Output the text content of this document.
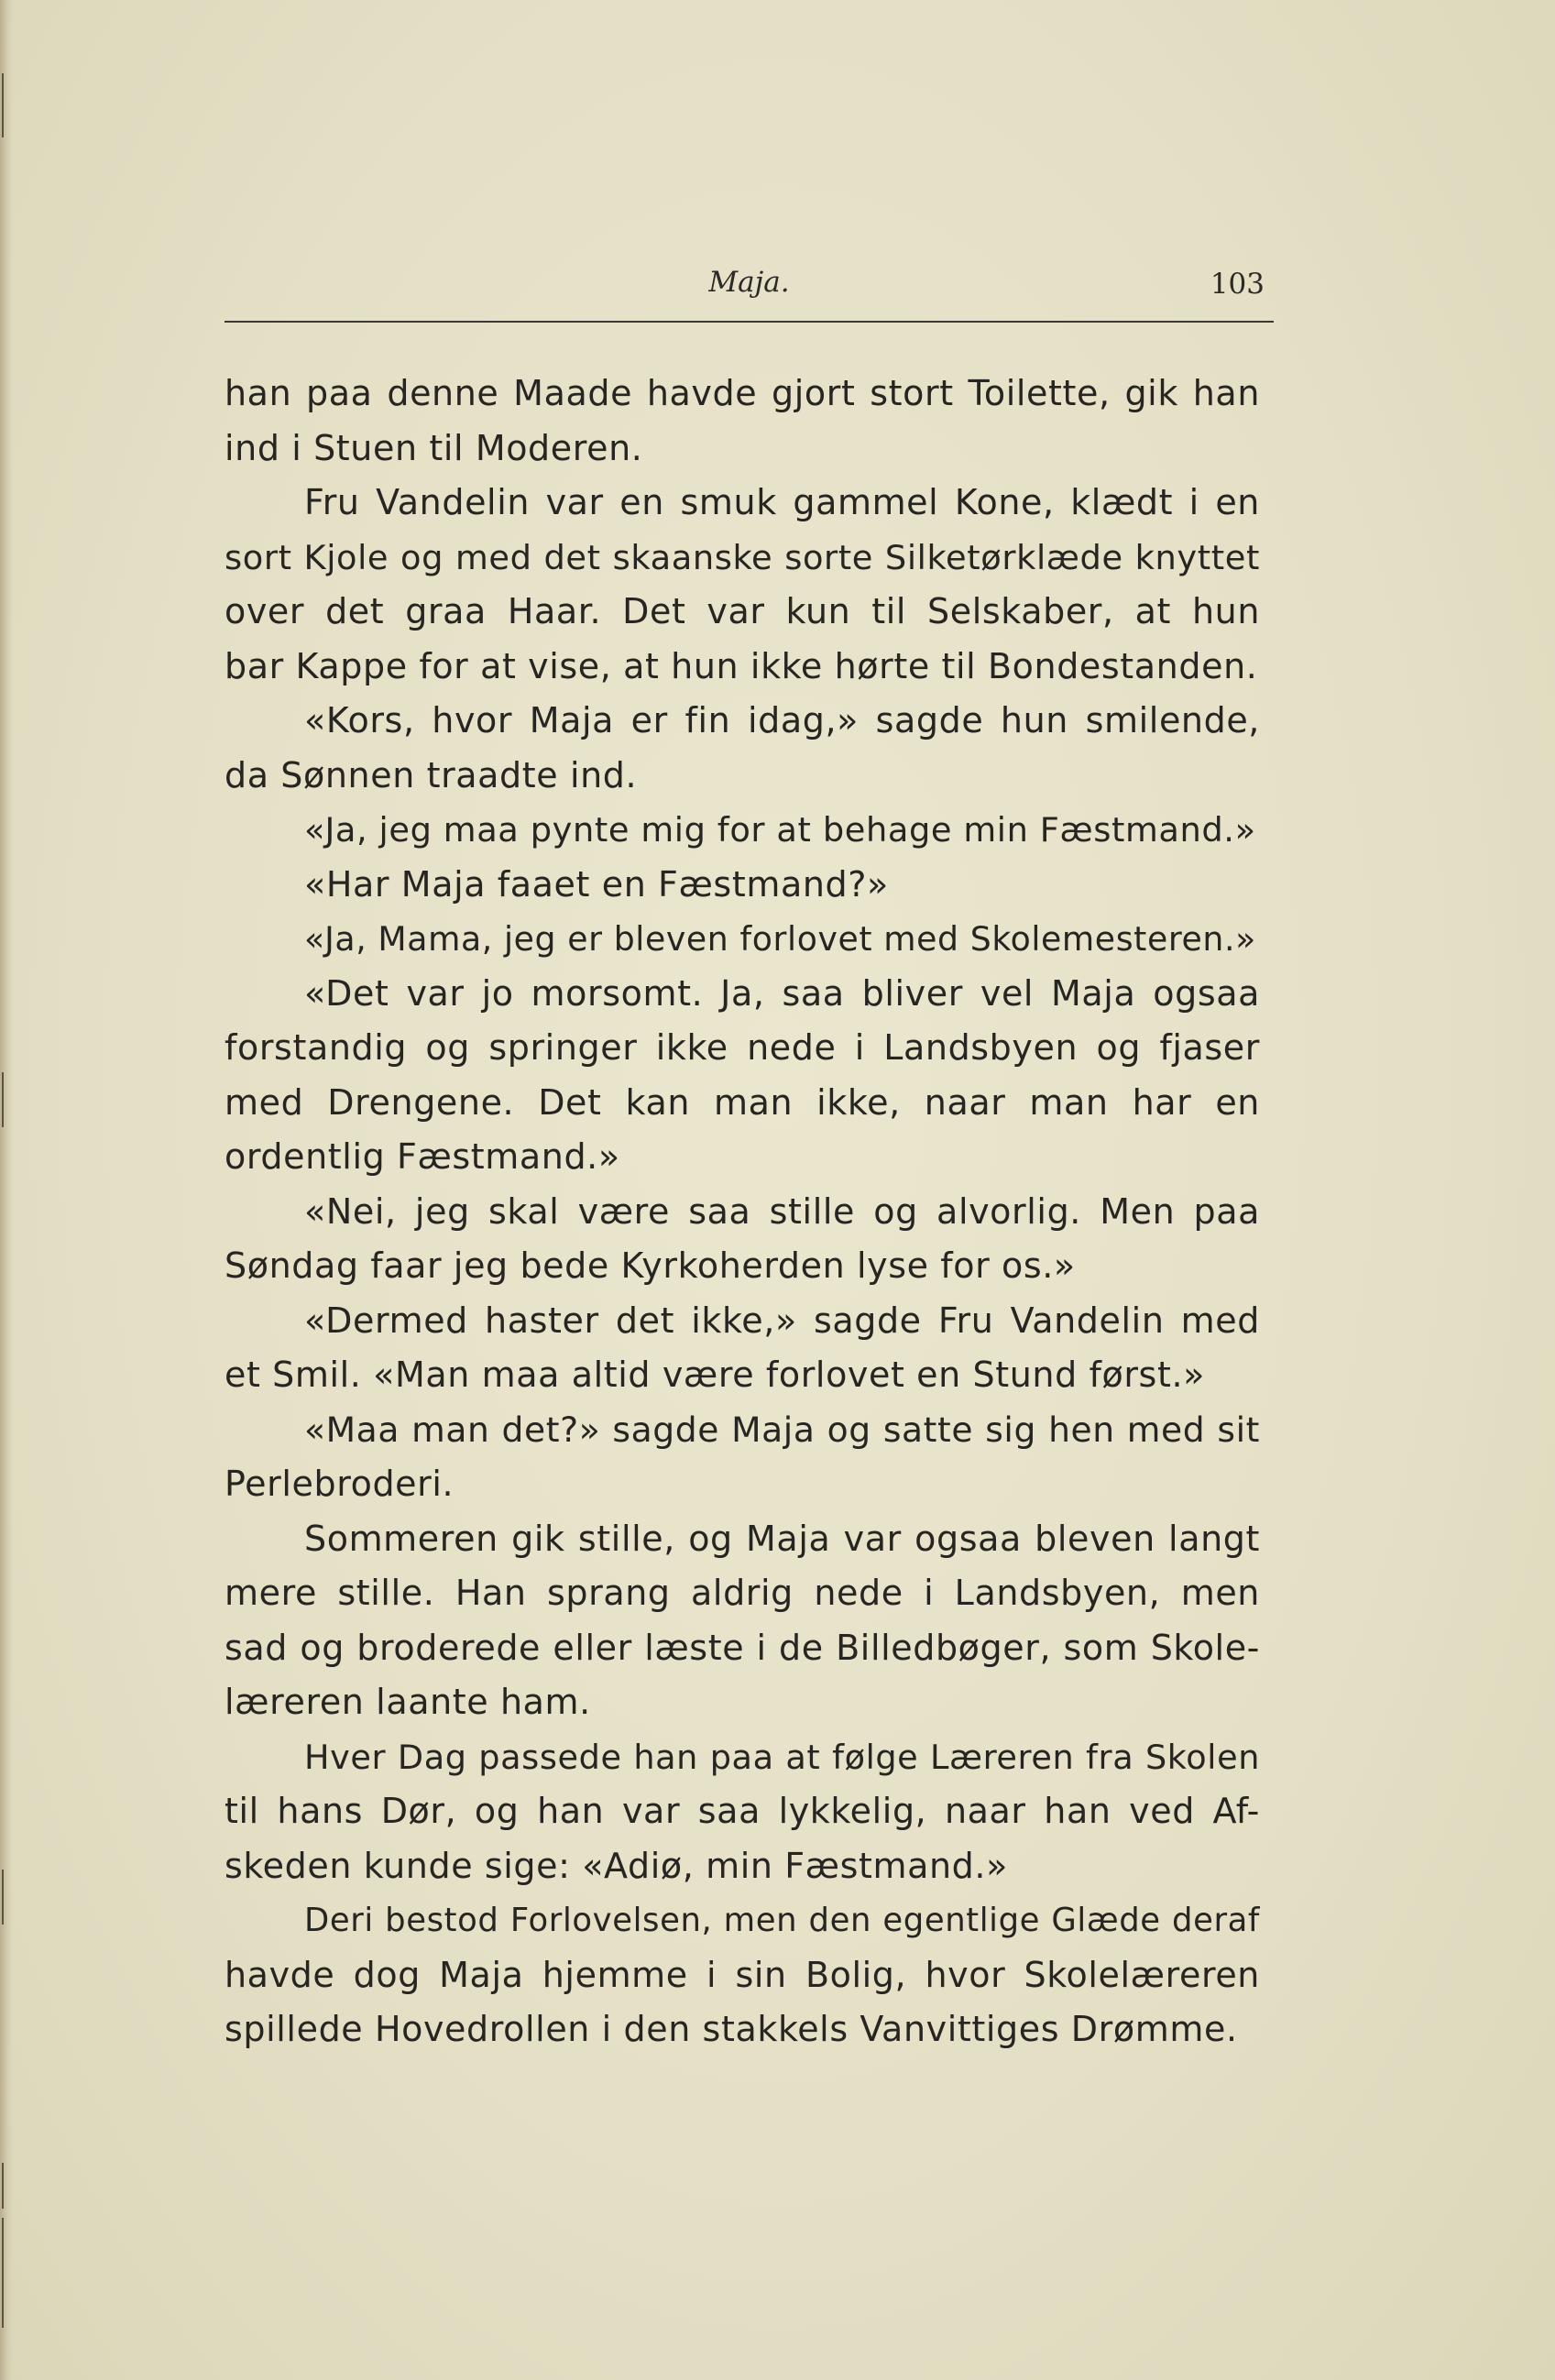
Maja.	103
han paa denne Maade havde gjort stort Toilette, gik han
ind i Stuen til Moderen.
Fru Vandelin var en smuk gammel Kone, klædt i en
sort Kjole og med det skaanske sorte Silketørklæde knyttet
over det graa Haar. Det var kun til Selskaber, at hun
bar Kappe for at vise, at hun ikke hørte til Bondestanden.
«Kors, hvor Maja er fin idag,» sagde hun smilende,
da Sønnen traadte ind.
«Ja, jeg maa pynte mig for at behage min Fæstmand.»
«Har Maja faaet en Fæstmand?»
«Ja, Mama, jeg er bleven forlovet med Skolemesteren.»
«Det var jo morsomt. Ja, saa bliver vel Maja ogsaa
forstandig og springer ikke nede i Landsbyen og fjaser
med Drengene. Det kan man ikke, naar man har en
ordentlig Fæstmand.»
«Nei, jeg skal være saa stille og alvorlig. Men paa
Søndag faar jeg bede Kyrkoherden lyse for os.»
«Dermed haster det ikke,» sagde Fru Vandelin med
et Smil. «Man maa altid være forlovet en Stund først.»
«Maa man det?» sagde Maja og satte sig hen med sit
Perlebroderi.
Sommeren gik stille, og Maja var ogsaa bleven langt
mere stille. Han sprang aldrig nede i Landsbyen, men
sad og broderede eller læste i de Billedbøger, som Skole-
læreren laante ham.
Hver Dag passede han paa at følge Læreren fra Skolen
til hans Dør, og han var saa lykkelig, naar han ved Af-
skeden kunde sige: «Adiø, min Fæstmand.»
Deri bestod Forlovelsen, men den egentlige Glæde deraf
havde dog Maja hjemme i sin Bolig, hvor Skolelæreren
spillede Hovedrollen i den stakkels Vanvittiges Drømme.
